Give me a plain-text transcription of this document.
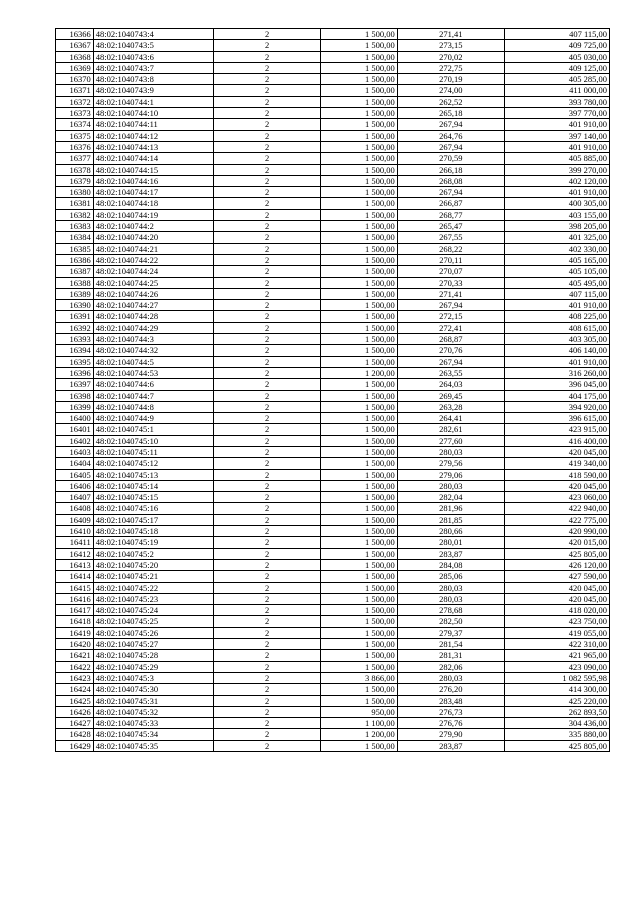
16366	48:02:1040743:4	2	1 500,00	271,41	407 115,00
16367	48:02:1040743:5	2	1 500,00	273,15	409 725,00
16368	48:02:1040743:6	2	1 500,00	270,02	405 030,00
16369	48:02:1040743:7	2	1 500,00	272,75	409 125,00
16370	48:02:1040743:8	2	1 500,00	270,19	405 285,00
16371	48:02:1040743:9	2	1 500,00	274,00	411 000,00
16372	48:02:1040744:1	2	1 500,00	262,52	393 780,00
16373	48:02:1040744:10	2	1 500,00	265,18	397 770,00
16374	48:02:1040744:11	2	1 500,00	267,94	401 910,00
16375	48:02:1040744:12	2	1 500,00	264,76	397 140,00
16376	48:02:1040744:13	2	1 500,00	267,94	401 910,00
16377	48:02:1040744:14	2	1 500,00	270,59	405 885,00
16378	48:02:1040744:15	2	1 500,00	266,18	399 270,00
16379	48:02:1040744:16	2	1 500,00	268,08	402 120,00
16380	48:02:1040744:17	2	1 500,00	267,94	401 910,00
16381	48:02:1040744:18	2	1 500,00	266,87	400 305,00
16382	48:02:1040744:19	2	1 500,00	268,77	403 155,00
16383	48:02:1040744:2	2	1 500,00	265,47	398 205,00
16384	48:02:1040744:20	2	1 500,00	267,55	401 325,00
16385	48:02:1040744:21	2	1 500,00	268,22	402 330,00
16386	48:02:1040744:22	2	1 500,00	270,11	405 165,00
16387	48:02:1040744:24	2	1 500,00	270,07	405 105,00
16388	48:02:1040744:25	2	1 500,00	270,33	405 495,00
16389	48:02:1040744:26	2	1 500,00	271,41	407 115,00
16390	48:02:1040744:27	2	1 500,00	267,94	401 910,00
16391	48:02:1040744:28	2	1 500,00	272,15	408 225,00
16392	48:02:1040744:29	2	1 500,00	272,41	408 615,00
16393	48:02:1040744:3	2	1 500,00	268,87	403 305,00
16394	48:02:1040744:32	2	1 500,00	270,76	406 140,00
16395	48:02:1040744:5	2	1 500,00	267,94	401 910,00
16396	48:02:1040744:53	2	1 200,00	263,55	316 260,00
16397	48:02:1040744:6	2	1 500,00	264,03	396 045,00
16398	48:02:1040744:7	2	1 500,00	269,45	404 175,00
16399	48:02:1040744:8	2	1 500,00	263,28	394 920,00
16400	48:02:1040744:9	2	1 500,00	264,41	396 615,00
16401	48:02:1040745:1	2	1 500,00	282,61	423 915,00
16402	48:02:1040745:10	2	1 500,00	277,60	416 400,00
16403	48:02:1040745:11	2	1 500,00	280,03	420 045,00
16404	48:02:1040745:12	2	1 500,00	279,56	419 340,00
16405	48:02:1040745:13	2	1 500,00	279,06	418 590,00
16406	48:02:1040745:14	2	1 500,00	280,03	420 045,00
16407	48:02:1040745:15	2	1 500,00	282,04	423 060,00
16408	48:02:1040745:16	2	1 500,00	281,96	422 940,00
16409	48:02:1040745:17	2	1 500,00	281,85	422 775,00
16410	48:02:1040745:18	2	1 500,00	280,66	420 990,00
16411	48:02:1040745:19	2	1 500,00	280,01	420 015,00
16412	48:02:1040745:2	2	1 500,00	283,87	425 805,00
16413	48:02:1040745:20	2	1 500,00	284,08	426 120,00
16414	48:02:1040745:21	2	1 500,00	285,06	427 590,00
16415	48:02:1040745:22	2	1 500,00	280,03	420 045,00
16416	48:02:1040745:23	2	1 500,00	280,03	420 045,00
16417	48:02:1040745:24	2	1 500,00	278,68	418 020,00
16418	48:02:1040745:25	2	1 500,00	282,50	423 750,00
16419	48:02:1040745:26	2	1 500,00	279,37	419 055,00
16420	48:02:1040745:27	2	1 500,00	281,54	422 310,00
16421	48:02:1040745:28	2	1 500,00	281,31	421 965,00
16422	48:02:1040745:29	2	1 500,00	282,06	423 090,00
16423	48:02:1040745:3	2	3 866,00	280,03	1 082 595,98
16424	48:02:1040745:30	2	1 500,00	276,20	414 300,00
16425	48:02:1040745:31	2	1 500,00	283,48	425 220,00
16426	48:02:1040745:32	2	950,00	276,73	262 893,50
16427	48:02:1040745:33	2	1 100,00	276,76	304 436,00
16428	48:02:1040745:34	2	1 200,00	279,90	335 880,00
16429	48:02:1040745:35	2	1 500,00	283,87	425 805,00
